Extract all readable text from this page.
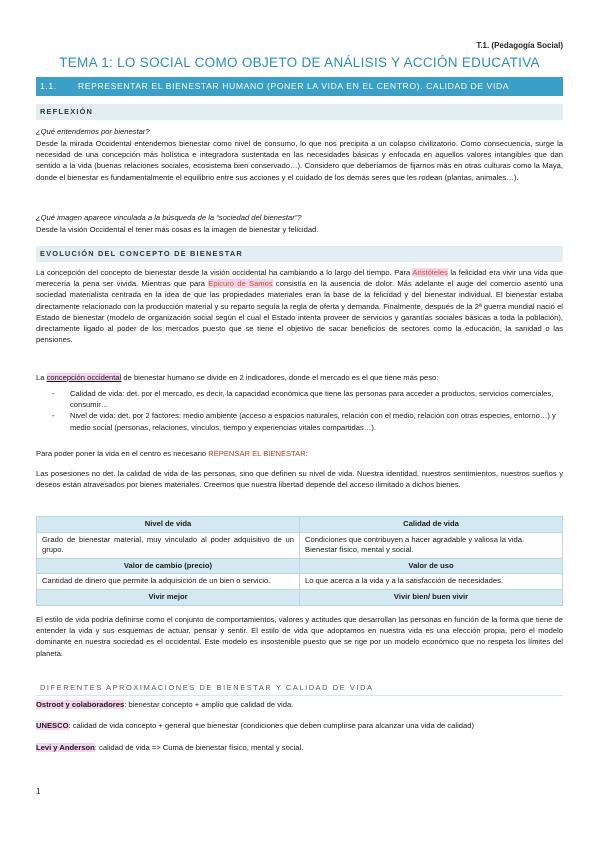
T.1. (Pedagogía Social)
TEMA 1: LO SOCIAL COMO OBJETO DE ANÁLISIS Y ACCIÓN EDUCATIVA
1.1. REPRESENTAR EL BIENESTAR HUMANO (PONER LA VIDA EN EL CENTRO). CALIDAD DE VIDA
REFLEXIÓN
¿Qué entendemos por bienestar?
Desde la mirada Occidental entendemos bienestar como nivel de consumo, lo que nos precipita a un colapso civilizatorio. Como consecuencia, surge la necesidad de una concepción más holística e integradora sustentada en las necesidades básicas y enfocada en aquellos valores intangibles que dan sentido a la vida (buenas relaciones sociales, ecosistema bien conservado…). Considero que deberíamos de fijarnos más en otras culturas como la Maya, donde el bienestar es fundamentalmente el equilibrio entre sus acciones y el cuidado de los demás seres que les rodean (plantas, animales…).
¿Qué imagen aparece vinculada a la búsqueda de la “sociedad del bienestar”?
Desde la visión Occidental el tener más cosas es la imagen de bienestar y felicidad.
EVOLUCIÓN DEL CONCEPTO DE BIENESTAR
La concepción del concepto de bienestar desde la visión occidental ha cambiando a lo largo del tiempo. Para Aristóteles la felicidad era vivir una vida que merecería la pena ser vivida. Mientras que para Epicuro de Samos consistía en la ausencia de dolor. Más adelante el auge del comercio asentó una sociedad materialista centrada en la idea de que las propiedades materiales eran la base de la felicidad y del bienestar individual. El bienestar estaba directamente relacionado con la producción material y su reparto seguía la regla de oferta y demanda. Finalmente, después de la 2ª guerra mundial nació el Estado de bienestar (modelo de organización social según el cual el Estado intenta proveer de servicios y garantías sociales básicas a toda la población), directamente ligado al poder de los mercados puesto que se tiene el objetivo de sacar beneficios de sectores como la educación, la sanidad o las pensiones.
La concepción occidental de bienestar humano se divide en 2 indicadores, donde el mercado es el que tiene más peso:
- Calidad de vida: det. por el mercado, es decir, la capacidad económica que tiene las personas para acceder a productos, servicios comerciales, consumir…
- Nivel de vida: det. por 2 factores: medio ambiente (acceso a espacios naturales, relación con el medio, relación con otras especies, entorno…) y medio social (personas, relaciones, vínculos, tiempo y experiencias vitales compartidas…).
Para poder poner la vida en el centro es necesario REPENSAR EL BIENESTAR:
Las posesiones no det. la calidad de vida de las personas, sino que definen su nivel de vida. Nuestra identidad, nuestros sentimientos, nuestros sueños y deseos están atravesados por bienes materiales. Creemos que nuestra libertad depende del acceso ilimitado a dichos bienes.
Nivel de vida	Calidad de vida
Grado de bienestar material, muy vinculado al poder adquisitivo de un grupo.	Condiciones que contribuyen a hacer agradable y valiosa la vida. Bienestar físico, mental y social.
Valor de cambio (precio)	Valor de uso
Cantidad de dinero que permite la adquisición de un bien o servicio.	Lo que acerca a la vida y a la satisfacción de necesidades.
Vivir mejor	Vivir bien/ buen vivir
El estilo de vida podría definirse como el conjunto de comportamientos, valores y actitudes que desarrollan las personas en función de la forma que tiene de entender la vida y sus esquemas de actuar, pensar y sentir. El estilo de vida que adoptamos en nuestra vida es una elección propia, pero el modelo dominante en nuestra sociedad es el occidental. Este modelo es insostenible puesto que se rige por un modelo económico que no respeta los límites del planeta.
DIFERENTES APROXIMACIONES DE BIENESTAR Y CALIDAD DE VIDA
Ostroot y colaboradores: bienestar concepto + amplio que calidad de vida.
UNESCO: calidad de vida concepto + general que bienestar (condiciones que deben cumplirse para alcanzar una vida de calidad)
Levi y Anderson: calidad de vida => Cuma de bienestar físico, mental y social.
1
